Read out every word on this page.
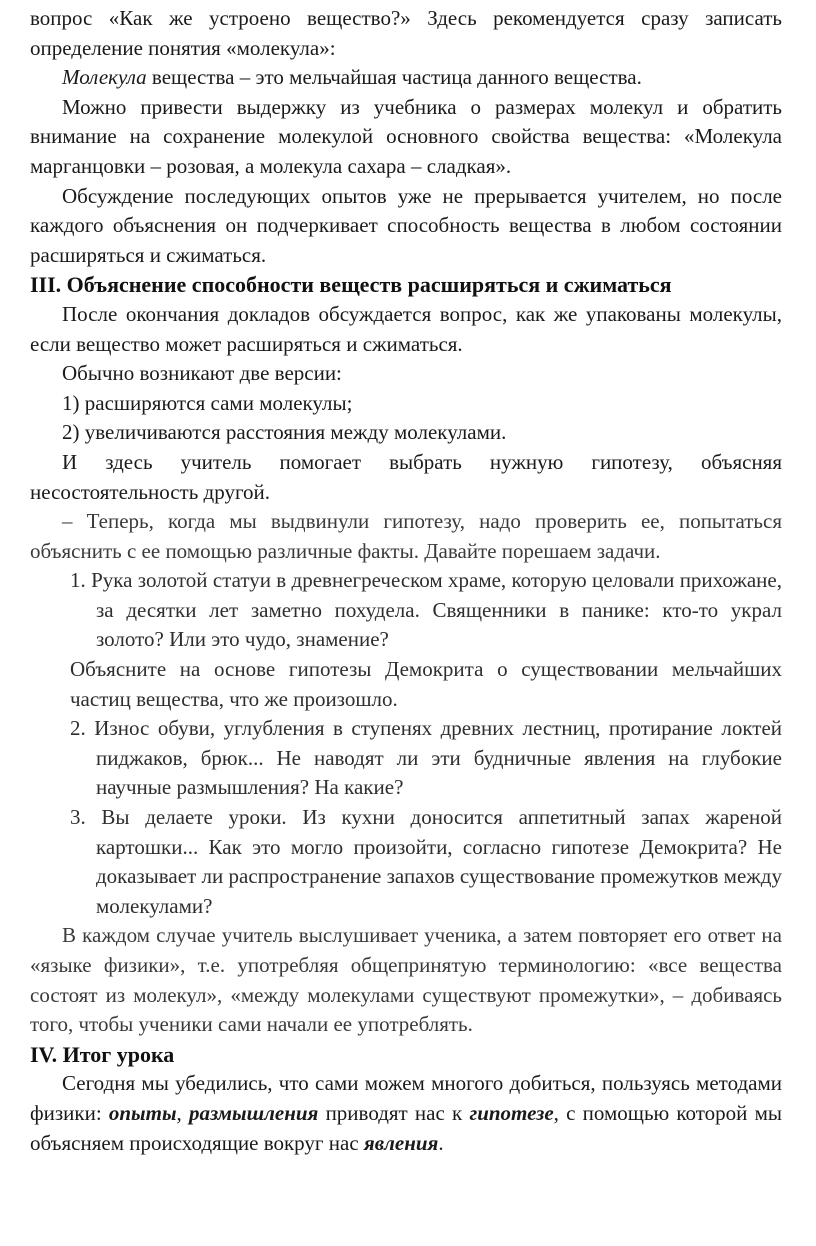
вопрос «Как же устроено вещество?» Здесь рекомендуется сразу записать определение понятия «молекула»:

Молекула вещества – это мельчайшая частица данного вещества.

Можно привести выдержку из учебника о размерах молекул и обратить внимание на сохранение молекулой основного свойства вещества: «Молекула марганцовки – розовая, а молекула сахара – сладкая».

Обсуждение последующих опытов уже не прерывается учителем, но после каждого объяснения он подчеркивает способность вещества в любом состоянии расширяться и сжиматься.

III. Объяснение способности веществ расширяться и сжиматься

После окончания докладов обсуждается вопрос, как же упакованы молекулы, если вещество может расширяться и сжиматься.

Обычно возникают две версии:

1) расширяются сами молекулы;

2) увеличиваются расстояния между молекулами.

И здесь учитель помогает выбрать нужную гипотезу, объясняя несостоятельность другой.

– Теперь, когда мы выдвинули гипотезу, надо проверить ее, попытаться объяснить с ее помощью различные факты. Давайте порешаем задачи.

1. Рука золотой статуи в древнегреческом храме, которую целовали прихожане, за десятки лет заметно похудела. Священники в панике: кто-то украл золото? Или это чудо, знамение?

Объясните на основе гипотезы Демокрита о существовании мельчайших частиц вещества, что же произошло.

2. Износ обуви, углубления в ступенях древних лестниц, протирание локтей пиджаков, брюк... Не наводят ли эти будничные явления на глубокие научные размышления? На какие?

3. Вы делаете уроки. Из кухни доносится аппетитный запах жареной картошки... Как это могло произойти, согласно гипотезе Демокрита? Не доказывает ли распространение запахов существование промежутков между молекулами?

В каждом случае учитель выслушивает ученика, а затем повторяет его ответ на «языке физики», т.е. употребляя общепринятую терминологию: «все вещества состоят из молекул», «между молекулами существуют промежутки», – добиваясь того, чтобы ученики сами начали ее употреблять.

IV. Итог урока

Сегодня мы убедились, что сами можем многого добиться, пользуясь методами физики: опыты, размышления приводят нас к гипотезе, с помощью которой мы объясняем происходящие вокруг нас явления.
